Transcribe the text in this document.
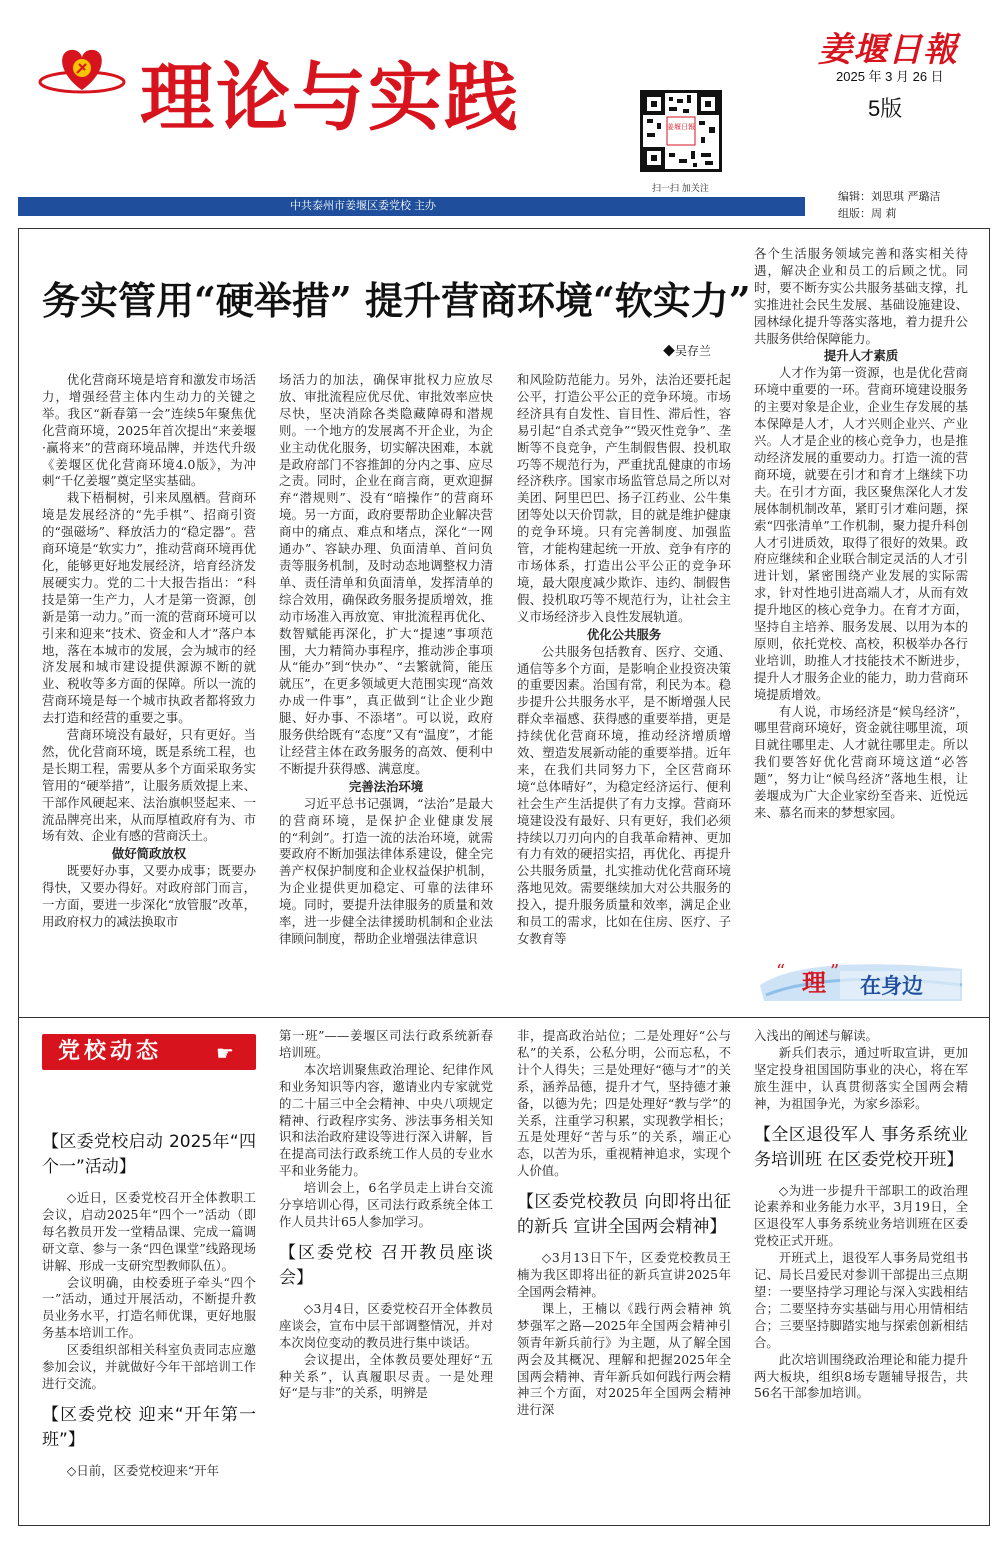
理论与实践	姜堰日報
扫一扫 加关注
姜堰日報
2025 年 3 月 26 日
5版
中共泰州市姜堰区委党校 主办
编辑：刘思琪 严璐洁
组版：周 莉
务实管用“硬举措” 提升营商环境“软实力”
◆吴存兰

优化营商环境是培育和激发市场活力，增强经营主体内生动力的关键之举。我区“新春第一会”连续5年聚焦优化营商环境，2025年首次提出“来姜堰·赢将来”的营商环境品牌，并迭代升级《姜堰区优化营商环境4.0版》，为冲刺“千亿姜堰”奠定坚实基础。

栽下梧桐树，引来凤凰栖。营商环境是发展经济的“先手棋”、招商引资的“强磁场”、释放活力的“稳定器”。营商环境是“软实力”，推动营商环境再优化，能够更好地发展经济，培育经济发展硬实力。党的二十大报告指出：“科技是第一生产力，人才是第一资源，创新是第一动力。”而一流的营商环境可以引来和迎来“技术、资金和人才”落户本地，落在本城市的发展，会为城市的经济发展和城市建设提供源源不断的就业、税收等多方面的保障。所以一流的营商环境是每一个城市执政者都将致力去打造和经营的重要之事。

营商环境没有最好，只有更好。当然，优化营商环境，既是系统工程，也是长期工程，需要从多个方面采取务实管用的“硬举措”，让服务质效提上来、干部作风硬起来、法治旗帜竖起来、一流品牌亮出来，从而厚植政府有为、市场有效、企业有感的营商沃土。

做好简政放权

既要好办事，又要办成事；既要办得快，又要办得好。对政府部门而言，一方面，要进一步深化“放管服”改革，用政府权力的减法换取市

场活力的加法，确保审批权力应放尽放、审批流程应优尽优、审批效率应快尽快，坚决消除各类隐藏障碍和潜规则。一个地方的发展离不开企业，为企业主动优化服务，切实解决困难，本就是政府部门不容推卸的分内之事、应尽之责。同时，企业在商言商，更欢迎摒弃“潜规则”、没有“暗操作”的营商环境。另一方面，政府要帮助企业解决营商中的痛点、难点和堵点，深化“一网通办”、容缺办理、负面清单、首问负责等服务机制，及时动态地调整权力清单、责任清单和负面清单，发挥清单的综合效用，确保政务服务提质增效，推动市场准入再放宽、审批流程再优化、数智赋能再深化，扩大“提速”事项范围，大力精简办事程序，推动涉企事项从“能办”到“快办”、“去繁就简，能压就压”，在更多领域更大范围实现“高效办成一件事”，真正做到“让企业少跑腿、好办事、不添堵”。可以说，政府服务供给既有“态度”又有“温度”，才能让经营主体在政务服务的高效、便利中不断提升获得感、满意度。

完善法治环境

习近平总书记强调，“法治”是最大的营商环境，是保护企业健康发展的“利剑”。打造一流的法治环境，就需要政府不断加强法律体系建设，健全完善产权保护制度和企业权益保护机制，为企业提供更加稳定、可靠的法律环境。同时，要提升法律服务的质量和效率，进一步健全法律援助机制和企业法律顾问制度，帮助企业增强法律意识

和风险防范能力。另外，法治还要托起公平，打造公平公正的竞争环境。市场经济具有自发性、盲目性、滞后性，容易引起“自杀式竞争”“毁灭性竞争”、垄断等不良竞争，产生制假售假、投机取巧等不规范行为，严重扰乱健康的市场经济秩序。国家市场监管总局之所以对美团、阿里巴巴、扬子江药业、公牛集团等处以天价罚款，目的就是维护健康的竞争环境。只有完善制度、加强监管，才能构建起统一开放、竞争有序的市场体系，打造出公平公正的竞争环境，最大限度减少欺诈、违约、制假售假、投机取巧等不规范行为，让社会主义市场经济步入良性发展轨道。

优化公共服务

公共服务包括教育、医疗、交通、通信等多个方面，是影响企业投资决策的重要因素。治国有常，利民为本。稳步提升公共服务水平，是不断增强人民群众幸福感、获得感的重要举措，更是持续优化营商环境，推动经济增质增效、塑造发展新动能的重要举措。近年来，在我们共同努力下，全区营商环境“总体晴好”，为稳定经济运行、便利社会生产生活提供了有力支撑。营商环境建设没有最好、只有更好，我们必须持续以刀刃向内的自我革命精神、更加有力有效的硬招实招，再优化、再提升公共服务质量，扎实推动优化营商环境落地见效。需要继续加大对公共服务的投入，提升服务质量和效率，满足企业和员工的需求，比如在住房、医疗、子女教育等

各个生活服务领域完善和落实相关待遇，解决企业和员工的后顾之忧。同时，要不断夯实公共服务基础支撑，扎实推进社会民生发展、基础设施建设、园林绿化提升等落实落地，着力提升公共服务供给保障能力。

提升人才素质

人才作为第一资源，也是优化营商环境中重要的一环。营商环境建设服务的主要对象是企业，企业生存发展的基本保障是人才，人才兴则企业兴、产业兴。人才是企业的核心竞争力，也是推动经济发展的重要动力。打造一流的营商环境，就要在引才和育才上继续下功夫。在引才方面，我区聚焦深化人才发展体制机制改革，紧盯引才难问题，探索“四张清单”工作机制，聚力提升科创人才引进质效，取得了很好的效果。政府应继续和企业联合制定灵活的人才引进计划，紧密围绕产业发展的实际需求，针对性地引进高端人才，从而有效提升地区的核心竞争力。在育才方面，坚持自主培养、服务发展、以用为本的原则，依托党校、高校，积极举办各行业培训，助推人才技能技术不断进步，提升人才服务企业的能力，助力营商环境提质增效。

有人说，市场经济是“候鸟经济”，哪里营商环境好，资金就往哪里流，项目就往哪里走、人才就往哪里走。所以我们要答好优化营商环境这道“必答题”，努力让“候鸟经济”落地生根，让姜堰成为广大企业家纷至沓来、近悦远来、慕名而来的梦想家园。

理
“ ”
在身边
党校动态	☛
【区委党校启动 2025年“四个一”活动】

◇近日，区委党校召开全体教职工会议，启动2025年“四个一”活动（即每名教员开发一堂精品课、完成一篇调研文章、参与一条“四色课堂”线路现场讲解、形成一支研究型教师队伍）。

会议明确，由校委班子牵头“四个一”活动，通过开展活动，不断提升教员业务水平，打造名师优课，更好地服务基本培训工作。

区委组织部相关科室负责同志应邀参加会议，并就做好今年干部培训工作进行交流。

【区委党校 迎来“开年第一班”】

◇日前，区委党校迎来“开年

第一班”——姜堰区司法行政系统新春培训班。

本次培训聚焦政治理论、纪律作风和业务知识等内容，邀请业内专家就党的二十届三中全会精神、中央八项规定精神、行政程序实务、涉法事务相关知识和法治政府建设等进行深入讲解，旨在提高司法行政系统工作人员的专业水平和业务能力。

培训会上，6名学员走上讲台交流分享培训心得，区司法行政系统全体工作人员共计65人参加学习。

【区委党校 召开教员座谈会】

◇3月4日，区委党校召开全体教员座谈会，宣布中层干部调整情况，并对本次岗位变动的教员进行集中谈话。

会议提出，全体教员要处理好“五种关系”，认真履职尽责。一是处理好“是与非”的关系，明辨是

非，提高政治站位；二是处理好“公与私”的关系，公私分明，公而忘私，不计个人得失；三是处理好“德与才”的关系，涵养品德，提升才气，坚持德才兼备，以德为先；四是处理好“教与学”的关系，注重学习积累，实现教学相长；五是处理好“苦与乐”的关系，端正心态，以苦为乐，重视精神追求，实现个人价值。

【区委党校教员 向即将出征的新兵 宣讲全国两会精神】

◇3月13日下午，区委党校教员王楠为我区即将出征的新兵宣讲2025年全国两会精神。

课上，王楠以《践行两会精神 筑梦强军之路—2025年全国两会精神引领青年新兵前行》为主题，从了解全国两会及其概况、理解和把握2025年全国两会精神、青年新兵如何践行两会精神三个方面，对2025年全国两会精神进行深

入浅出的阐述与解读。

新兵们表示，通过听取宣讲，更加坚定投身祖国国防事业的决心，将在军旅生涯中，认真贯彻落实全国两会精神，为祖国争光，为家乡添彩。

【全区退役军人 事务系统业务培训班 在区委党校开班】

◇为进一步提升干部职工的政治理论素养和业务能力水平，3月19日，全区退役军人事务系统业务培训班在区委党校正式开班。

开班式上，退役军人事务局党组书记、局长吕爱民对参训干部提出三点期望：一要坚持学习理论与深入实践相结合；二要坚持夯实基础与用心用情相结合；三要坚持脚踏实地与探索创新相结合。

此次培训围绕政治理论和能力提升两大板块，组织8场专题辅导报告，共56名干部参加培训。
